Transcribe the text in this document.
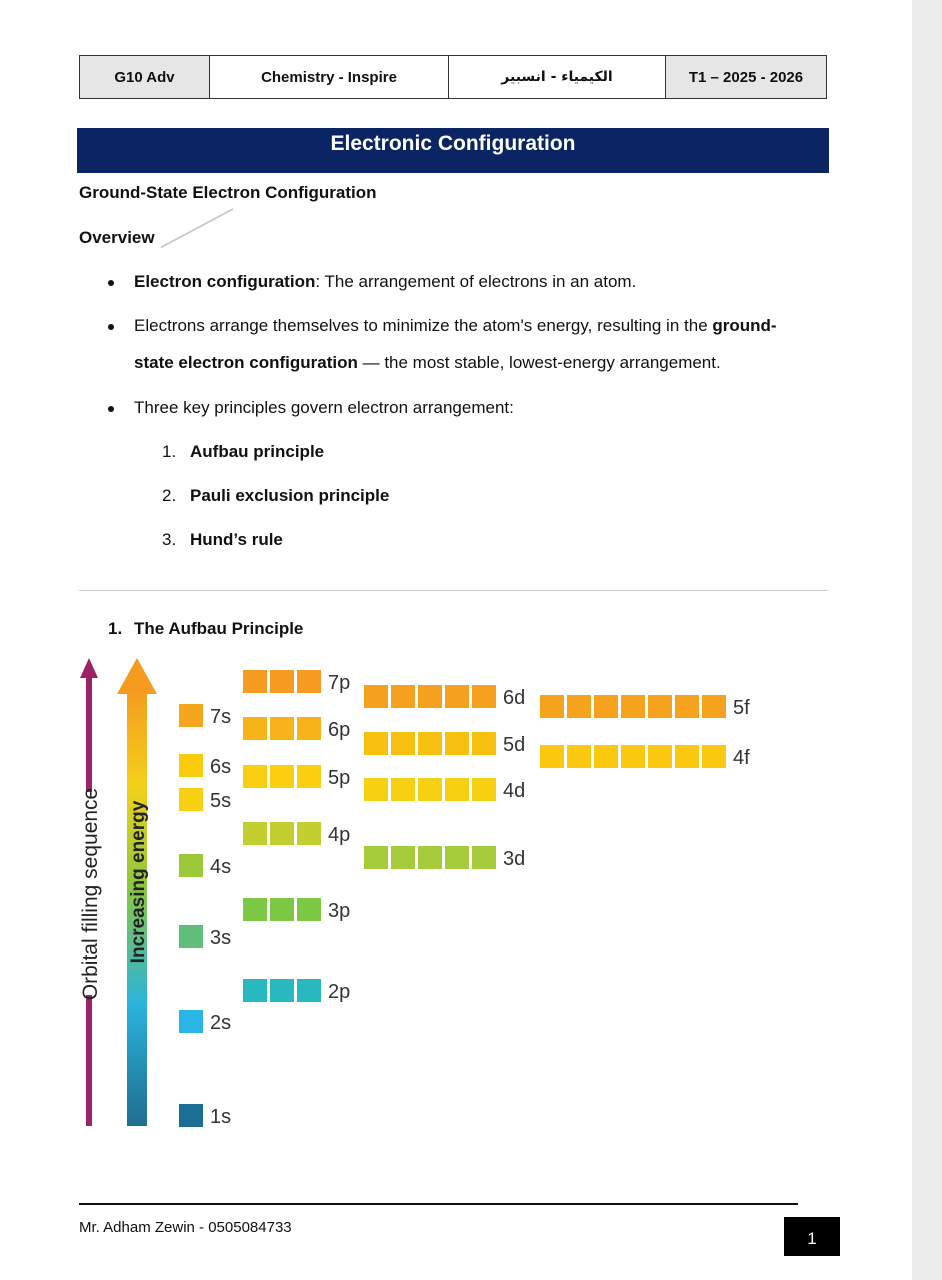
G10 Adv	Chemistry - Inspire	الكيمياء - انسبير	T1 – 2025 - 2026
Electronic Configuration
Ground-State Electron Configuration
Overview
Electron configuration: The arrangement of electrons in an atom.
Electrons arrange themselves to minimize the atom's energy, resulting in the ground-
state electron configuration — the most stable, lowest-energy arrangement.
Three key principles govern electron arrangement:
1. Aufbau principle
2. Pauli exclusion principle
3. Hund’s rule
1. The Aufbau Principle
Orbital filling sequence Increasing energy
1s
2s
2p
3s
3p
4s	3d
4p
5s	4d
5p
6s	4f
5d
6p
7s	5f
6d
7p
Mr. Adham Zewin - 0505084733
1
⸻
